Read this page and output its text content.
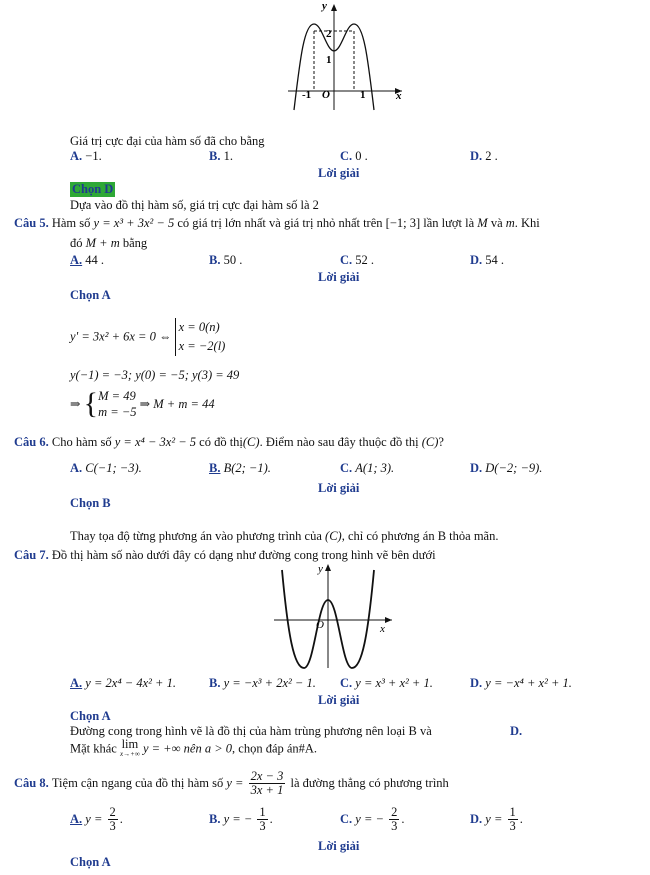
y
2
1
-1 O	1	x
Giá trị cực đại của hàm số đã cho bằng
A. −1.	B. 1.	C. 0 .	D. 2 .
Lời giải
Chọn D
Dựa vào đồ thị hàm số, giá trị cực đại hàm số là 2
Câu 5. Hàm số y = x³ + 3x² − 5 có giá trị lớn nhất và giá trị nhỏ nhất trên [−1; 3] lần lượt là M và m. Khi
đó M + m bằng
A. 44 .	B. 50 .	C. 52 .	D. 54 .
Lời giải
Chọn A
y' = 3x² + 6x = 0 ⇔
x = 0(n)
x = −2(l)
y(−1) = −3; y(0) = −5; y(3) = 49
⇒ { M = 49
m = −5
⇒ M + m = 44
Câu 6. Cho hàm số y = x⁴ − 3x² − 5 có đồ thị(C). Điểm nào sau đây thuộc đồ thị (C)?
A. C(−1; −3).	B. B(2; −1).	C. A(1; 3).	D. D(−2; −9).
Lời giải
Chọn B
Thay tọa độ từng phương án vào phương trình của (C), chỉ có phương án B thỏa mãn.
Câu 7. Đồ thị hàm số nào dưới đây có dạng như đường cong trong hình vẽ bên dưới
y
x
O
A. y = 2x⁴ − 4x² + 1.	B. y = −x³ + 2x² − 1. C. y = x³ + x² + 1.	D. y = −x⁴ + x² + 1.
Lời giải
Chọn A
Đường cong trong hình vẽ là đồ thị của hàm trùng phương nên loại B và	D.
Mặt khác lim
x→+∞ y = +∞ nên a > 0, chọn đáp án#A.
Câu 8. Tiệm cận ngang của đồ thị hàm số $y = \frac{2x - 3}{3x + 1}$ là đường thẳng có phương trình
A. $y = \frac{2}{3}$ .	B. y = − $\frac{1}{3}$ .	C. y = − $\frac{2}{3}$ .	D. $y = \frac{1}{3}$ .
Lời giải
Chọn A
